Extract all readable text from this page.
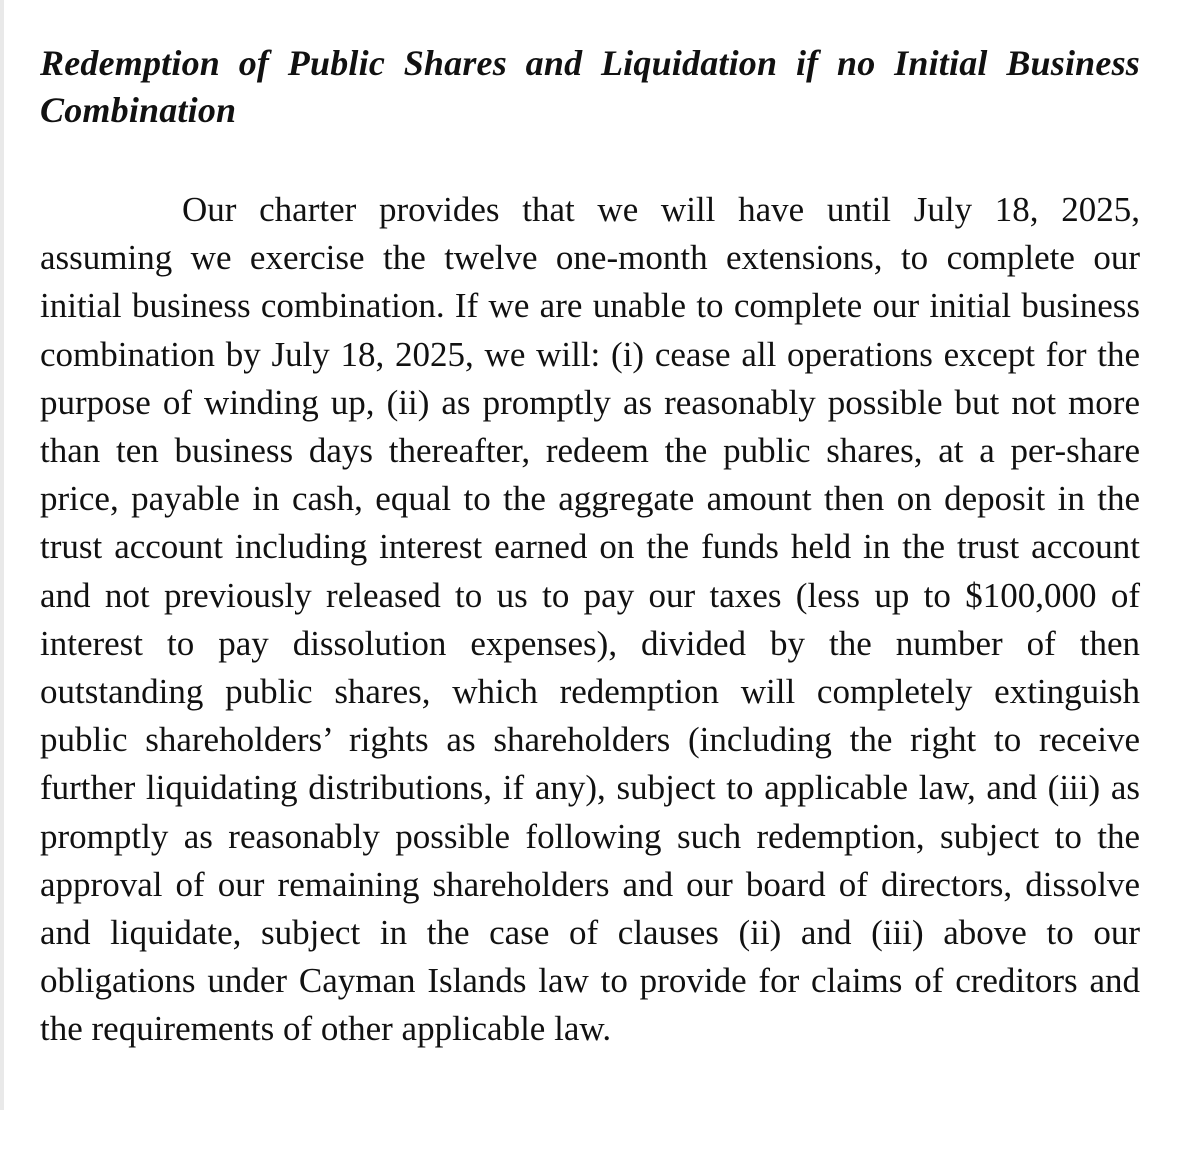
Redemption of Public Shares and Liquidation if no Initial Business Combination

Our charter provides that we will have until July 18, 2025, assuming we exercise the twelve one-month extensions, to complete our initial business combination. If we are unable to complete our initial business combination by July 18, 2025, we will: (i) cease all operations except for the purpose of winding up, (ii) as promptly as reasonably possible but not more than ten business days thereafter, redeem the public shares, at a per-share price, payable in cash, equal to the aggregate amount then on deposit in the trust account including interest earned on the funds held in the trust account and not previously released to us to pay our taxes (less up to $100,000 of interest to pay dissolution expenses), divided by the number of then outstanding public shares, which redemption will completely extinguish public shareholders’ rights as shareholders (including the right to receive further liquidating distributions, if any), subject to applicable law, and (iii) as promptly as reasonably possible following such redemption, subject to the approval of our remaining shareholders and our board of directors, dissolve and liquidate, subject in the case of clauses (ii) and (iii) above to our obligations under Cayman Islands law to provide for claims of creditors and the requirements of other applicable law.
